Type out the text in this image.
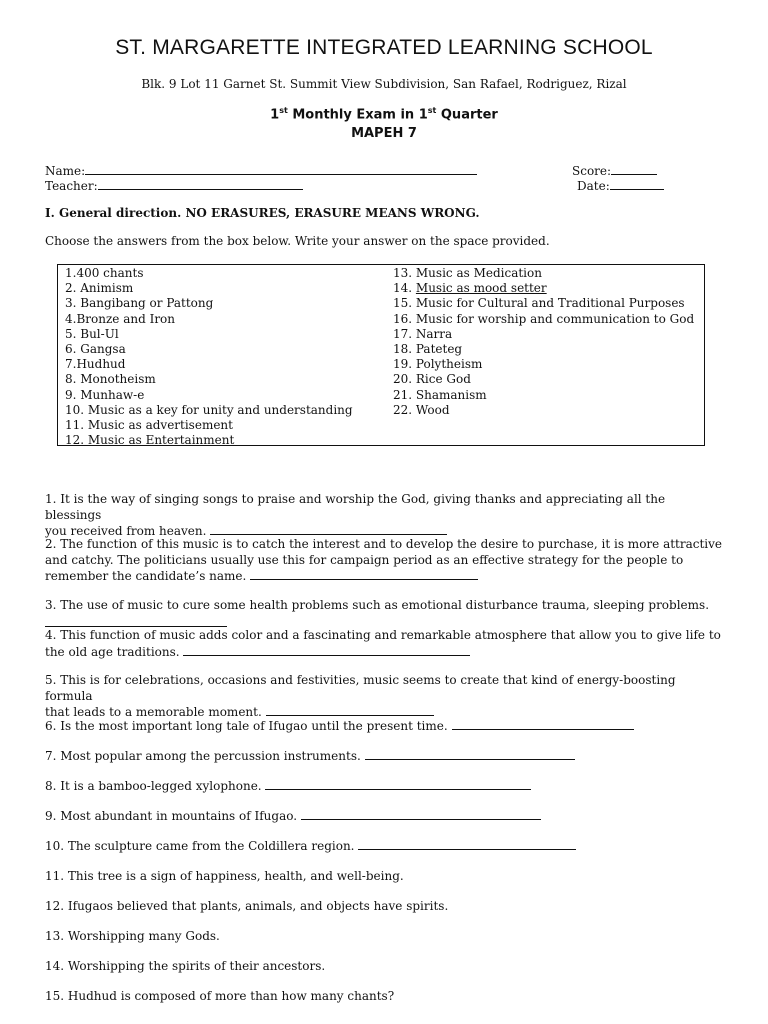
ST. MARGARETTE INTEGRATED LEARNING SCHOOL
Blk. 9 Lot 11 Garnet St. Summit View Subdivision, San Rafael, Rodriguez, Rizal
1st Monthly Exam in 1st Quarter
MAPEH 7
Name:	Score:
Teacher:	Date:
I. General direction. NO ERASURES, ERASURE MEANS WRONG.
Choose the answers from the box below. Write your answer on the space provided.
1.400 chants
2. Animism
3. Bangibang or Pattong
4.Bronze and Iron
5. Bul-Ul
6. Gangsa
7.Hudhud
8. Monotheism
9. Munhaw-e
10. Music as a key for unity and understanding
11. Music as advertisement
12. Music as Entertainment
13. Music as Medication
14. Music as mood setter
15. Music for Cultural and Traditional Purposes
16. Music for worship and communication to God
17. Narra
18. Pateteg
19. Polytheism
20. Rice God
21. Shamanism
22. Wood
1. It is the way of singing songs to praise and worship the God, giving thanks and appreciating all the blessings
you received from heaven.
2. The function of this music is to catch the interest and to develop the desire to purchase, it is more attractive
and catchy. The politicians usually use this for campaign period as an effective strategy for the people to
remember the candidate’s name.
3. The use of music to cure some health problems such as emotional disturbance trauma, sleeping problems.
4. This function of music adds color and a fascinating and remarkable atmosphere that allow you to give life to
the old age traditions.
5. This is for celebrations, occasions and festivities, music seems to create that kind of energy-boosting formula
that leads to a memorable moment.
6. Is the most important long tale of Ifugao until the present time.
7. Most popular among the percussion instruments.
8. It is a bamboo-legged xylophone.
9. Most abundant in mountains of Ifugao.
10. The sculpture came from the Coldillera region.
11. This tree is a sign of happiness, health, and well-being.
12. Ifugaos believed that plants, animals, and objects have spirits.
13. Worshipping many Gods.
14. Worshipping the spirits of their ancestors.
15. Hudhud is composed of more than how many chants?
